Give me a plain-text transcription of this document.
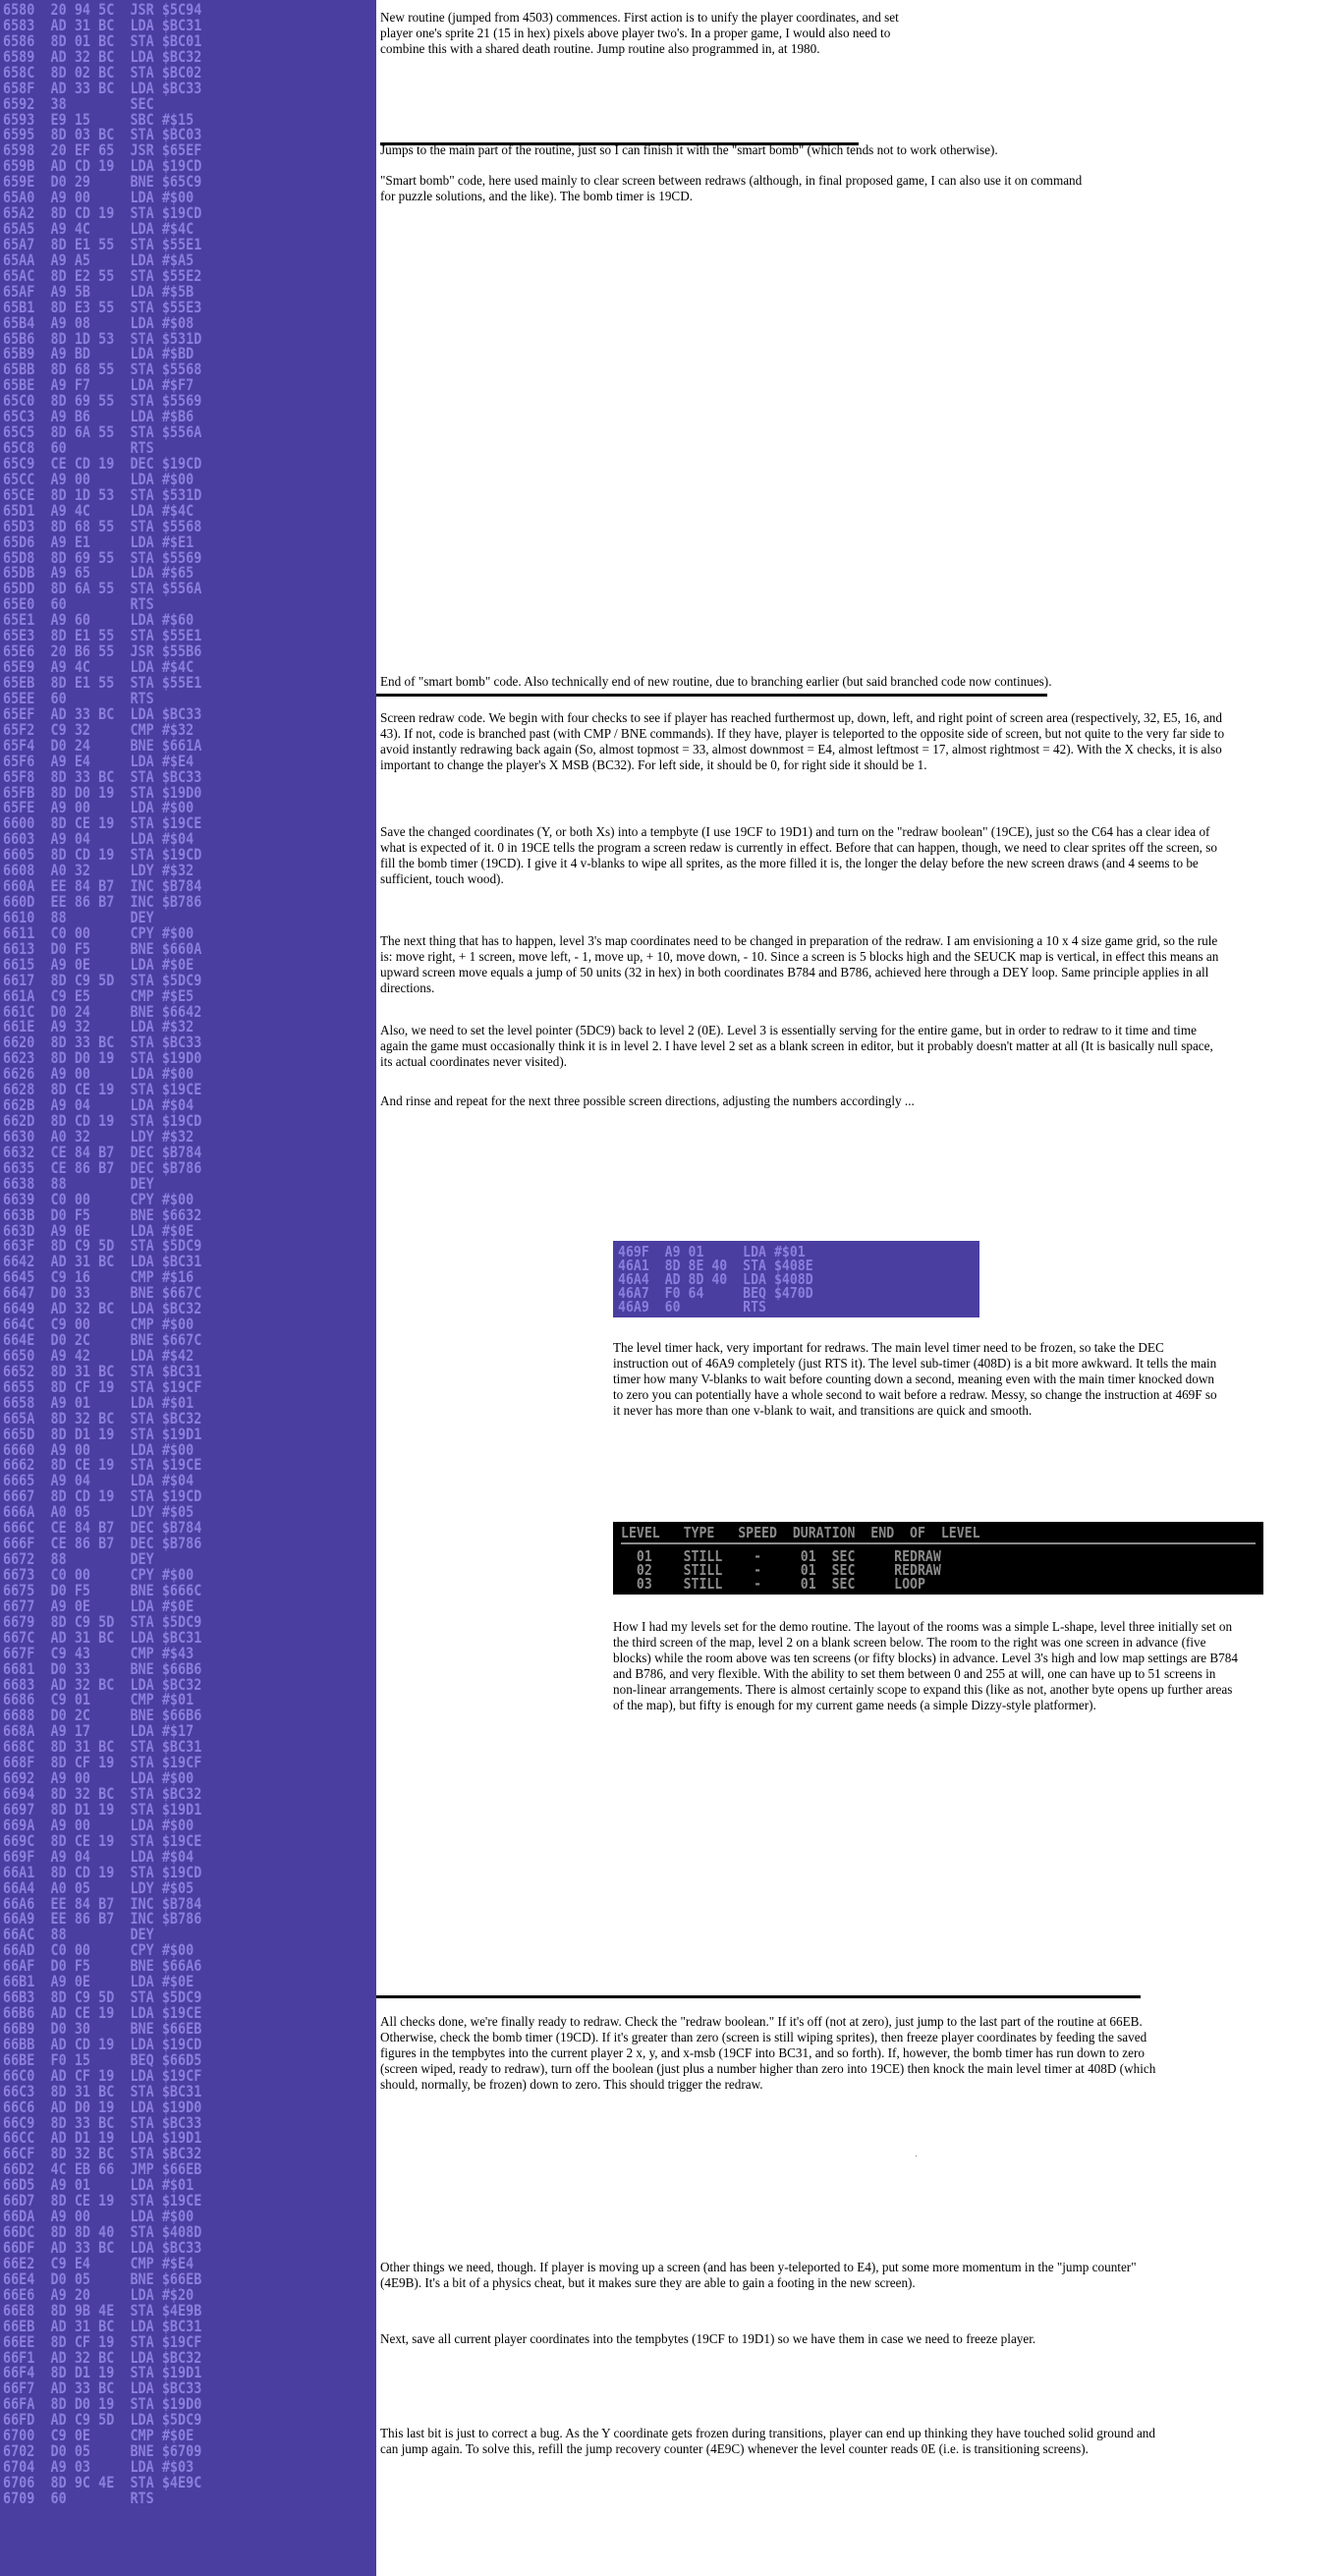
6580  20 94 5C  JSR $5C94
6583  AD 31 BC  LDA $BC31
6586  8D 01 BC  STA $BC01
6589  AD 32 BC  LDA $BC32
658C  8D 02 BC  STA $BC02
658F  AD 33 BC  LDA $BC33
6592  38        SEC
6593  E9 15     SBC #$15
6595  8D 03 BC  STA $BC03
6598  20 EF 65  JSR $65EF
659B  AD CD 19  LDA $19CD
659E  D0 29     BNE $65C9
65A0  A9 00     LDA #$00
65A2  8D CD 19  STA $19CD
65A5  A9 4C     LDA #$4C
65A7  8D E1 55  STA $55E1
65AA  A9 A5     LDA #$A5
65AC  8D E2 55  STA $55E2
65AF  A9 5B     LDA #$5B
65B1  8D E3 55  STA $55E3
65B4  A9 08     LDA #$08
65B6  8D 1D 53  STA $531D
65B9  A9 BD     LDA #$BD
65BB  8D 68 55  STA $5568
65BE  A9 F7     LDA #$F7
65C0  8D 69 55  STA $5569
65C3  A9 B6     LDA #$B6
65C5  8D 6A 55  STA $556A
65C8  60        RTS
65C9  CE CD 19  DEC $19CD
65CC  A9 00     LDA #$00
65CE  8D 1D 53  STA $531D
65D1  A9 4C     LDA #$4C
65D3  8D 68 55  STA $5568
65D6  A9 E1     LDA #$E1
65D8  8D 69 55  STA $5569
65DB  A9 65     LDA #$65
65DD  8D 6A 55  STA $556A
65E0  60        RTS
65E1  A9 60     LDA #$60
65E3  8D E1 55  STA $55E1
65E6  20 B6 55  JSR $55B6
65E9  A9 4C     LDA #$4C
65EB  8D E1 55  STA $55E1
65EE  60        RTS
65EF  AD 33 BC  LDA $BC33
65F2  C9 32     CMP #$32
65F4  D0 24     BNE $661A
65F6  A9 E4     LDA #$E4
65F8  8D 33 BC  STA $BC33
65FB  8D D0 19  STA $19D0
65FE  A9 00     LDA #$00
6600  8D CE 19  STA $19CE
6603  A9 04     LDA #$04
6605  8D CD 19  STA $19CD
6608  A0 32     LDY #$32
660A  EE 84 B7  INC $B784
660D  EE 86 B7  INC $B786
6610  88        DEY
6611  C0 00     CPY #$00
6613  D0 F5     BNE $660A
6615  A9 0E     LDA #$0E
6617  8D C9 5D  STA $5DC9
661A  C9 E5     CMP #$E5
661C  D0 24     BNE $6642
661E  A9 32     LDA #$32
6620  8D 33 BC  STA $BC33
6623  8D D0 19  STA $19D0
6626  A9 00     LDA #$00
6628  8D CE 19  STA $19CE
662B  A9 04     LDA #$04
662D  8D CD 19  STA $19CD
6630  A0 32     LDY #$32
6632  CE 84 B7  DEC $B784
6635  CE 86 B7  DEC $B786
6638  88        DEY
6639  C0 00     CPY #$00
663B  D0 F5     BNE $6632
663D  A9 0E     LDA #$0E
663F  8D C9 5D  STA $5DC9
6642  AD 31 BC  LDA $BC31
6645  C9 16     CMP #$16
6647  D0 33     BNE $667C
6649  AD 32 BC  LDA $BC32
664C  C9 00     CMP #$00
664E  D0 2C     BNE $667C
6650  A9 42     LDA #$42
6652  8D 31 BC  STA $BC31
6655  8D CF 19  STA $19CF
6658  A9 01     LDA #$01
665A  8D 32 BC  STA $BC32
665D  8D D1 19  STA $19D1
6660  A9 00     LDA #$00
6662  8D CE 19  STA $19CE
6665  A9 04     LDA #$04
6667  8D CD 19  STA $19CD
666A  A0 05     LDY #$05
666C  CE 84 B7  DEC $B784
666F  CE 86 B7  DEC $B786
6672  88        DEY
6673  C0 00     CPY #$00
6675  D0 F5     BNE $666C
6677  A9 0E     LDA #$0E
6679  8D C9 5D  STA $5DC9
667C  AD 31 BC  LDA $BC31
667F  C9 43     CMP #$43
6681  D0 33     BNE $66B6
6683  AD 32 BC  LDA $BC32
6686  C9 01     CMP #$01
6688  D0 2C     BNE $66B6
668A  A9 17     LDA #$17
668C  8D 31 BC  STA $BC31
668F  8D CF 19  STA $19CF
6692  A9 00     LDA #$00
6694  8D 32 BC  STA $BC32
6697  8D D1 19  STA $19D1
669A  A9 00     LDA #$00
669C  8D CE 19  STA $19CE
669F  A9 04     LDA #$04
66A1  8D CD 19  STA $19CD
66A4  A0 05     LDY #$05
66A6  EE 84 B7  INC $B784
66A9  EE 86 B7  INC $B786
66AC  88        DEY
66AD  C0 00     CPY #$00
66AF  D0 F5     BNE $66A6
66B1  A9 0E     LDA #$0E
66B3  8D C9 5D  STA $5DC9
66B6  AD CE 19  LDA $19CE
66B9  D0 30     BNE $66EB
66BB  AD CD 19  LDA $19CD
66BE  F0 15     BEQ $66D5
66C0  AD CF 19  LDA $19CF
66C3  8D 31 BC  STA $BC31
66C6  AD D0 19  LDA $19D0
66C9  8D 33 BC  STA $BC33
66CC  AD D1 19  LDA $19D1
66CF  8D 32 BC  STA $BC32
66D2  4C EB 66  JMP $66EB
66D5  A9 01     LDA #$01
66D7  8D CE 19  STA $19CE
66DA  A9 00     LDA #$00
66DC  8D 8D 40  STA $408D
66DF  AD 33 BC  LDA $BC33
66E2  C9 E4     CMP #$E4
66E4  D0 05     BNE $66EB
66E6  A9 20     LDA #$20
66E8  8D 9B 4E  STA $4E9B
66EB  AD 31 BC  LDA $BC31
66EE  8D CF 19  STA $19CF
66F1  AD 32 BC  LDA $BC32
66F4  8D D1 19  STA $19D1
66F7  AD 33 BC  LDA $BC33
66FA  8D D0 19  STA $19D0
66FD  AD C9 5D  LDA $5DC9
6700  C9 0E     CMP #$0E
6702  D0 05     BNE $6709
6704  A9 03     LDA #$03
6706  8D 9C 4E  STA $4E9C
6709  60        RTS

New routine (jumped from 4503) commences. First action is to unify the player coordinates, and set player one's sprite 21 (15 in hex) pixels above player two's. In a proper game, I would also need to combine this with a shared death routine. Jump routine also programmed in, at 1980.

Jumps to the main part of the routine, just so I can finish it with the "smart bomb" (which tends not to work otherwise).

"Smart bomb" code, here used mainly to clear screen between redraws (although, in final proposed game, I can also use it on command for puzzle solutions, and the like). The bomb timer is 19CD.

End of "smart bomb" code. Also technically end of new routine, due to branching earlier (but said branched code now continues).

Screen redraw code. We begin with four checks to see if player has reached furthermost up, down, left, and right point of screen area (respectively, 32, E5, 16, and 43). If not, code is branched past (with CMP / BNE commands). If they have, player is teleported to the opposite side of screen, but not quite to the very far side to avoid instantly redrawing back again (So, almost topmost = 33, almost downmost = E4, almost leftmost = 17, almost rightmost = 42). With the X checks, it is also important to change the player's X MSB (BC32). For left side, it should be 0, for right side it should be 1.

Save the changed coordinates (Y, or both Xs) into a tempbyte (I use 19CF to 19D1) and turn on the "redraw boolean" (19CE), just so the C64 has a clear idea of what is expected of it. 0 in 19CE tells the program a screen redaw is currently in effect. Before that can happen, though, we need to clear sprites off the screen, so fill the bomb timer (19CD). I give it 4 v-blanks to wipe all sprites, as the more filled it is, the longer the delay before the new screen draws (and 4 seems to be sufficient, touch wood).

The next thing that has to happen, level 3's map coordinates need to be changed in preparation of the redraw. I am envisioning a 10 x 4 size game grid, so the rule is: move right, + 1 screen, move left, - 1, move up, + 10, move down, - 10. Since a screen is 5 blocks high and the SEUCK map is vertical, in effect this means an upward screen move equals a jump of 50 units (32 in hex) in both coordinates B784 and B786, achieved here through a DEY loop. Same principle applies in all directions.

Also, we need to set the level pointer (5DC9) back to level 2 (0E). Level 3 is essentially serving for the entire game, but in order to redraw to it time and time again the game must occasionally think it is in level 2. I have level 2 set as a blank screen in editor, but it probably doesn't matter at all (It is basically null space, its actual coordinates never visited).

And rinse and repeat for the next three possible screen directions, adjusting the numbers accordingly ...

469F  A9 01     LDA #$01
46A1  8D 8E 40  STA $408E
46A4  AD 8D 40  LDA $408D
46A7  F0 64     BEQ $470D
46A9  60        RTS

The level timer hack, very important for redraws. The main level timer need to be frozen, so take the DEC instruction out of 46A9 completely (just RTS it). The level sub-timer (408D) is a bit more awkward. It tells the main timer how many V-blanks to wait before counting down a second, meaning even with the main timer knocked down to zero you can potentially have a whole second to wait before a redraw. Messy, so change the instruction at 469F so it never has more than one v-blank to wait, and transitions are quick and smooth.

LEVEL   TYPE   SPEED  DURATION  END  OF  LEVEL
01    STILL    -     01  SEC     REDRAW
02    STILL    -     01  SEC     REDRAW
03    STILL    -     01  SEC     LOOP

How I had my levels set for the demo routine. The layout of the rooms was a simple L-shape, level three initially set on the third screen of the map, level 2 on a blank screen below. The room to the right was one screen in advance (five blocks) while the room above was ten screens (or fifty blocks) in advance. Level 3's high and low map settings are B784 and B786, and very flexible. With the ability to set them between 0 and 255 at will, one can have up to 51 screens in non-linear arrangements. There is almost certainly scope to expand this (like as not, another byte opens up further areas of the map), but fifty is enough for my current game needs (a simple Dizzy-style platformer).

All checks done, we're finally ready to redraw. Check the "redraw boolean." If it's off (not at zero), just jump to the last part of the routine at 66EB. Otherwise, check the bomb timer (19CD). If it's greater than zero (screen is still wiping sprites), then freeze player coordinates by feeding the saved figures in the tempbytes into the current player 2 x, y, and x-msb (19CF into BC31, and so forth). If, however, the bomb timer has run down to zero (screen wiped, ready to redraw), turn off the boolean (just plus a number higher than zero into 19CE) then knock the main level timer at 408D (which should, normally, be frozen) down to zero. This should trigger the redraw.

Other things we need, though. If player is moving up a screen (and has been y-teleported to E4), put some more momentum in the "jump counter" (4E9B). It's a bit of a physics cheat, but it makes sure they are able to gain a footing in the new screen).

Next, save all current player coordinates into the tempbytes (19CF to 19D1) so we have them in case we need to freeze player.

This last bit is just to correct a bug. As the Y coordinate gets frozen during transitions, player can end up thinking they have touched solid ground and can jump again. To solve this, refill the jump recovery counter (4E9C) whenever the level counter reads 0E (i.e. is transitioning screens).
